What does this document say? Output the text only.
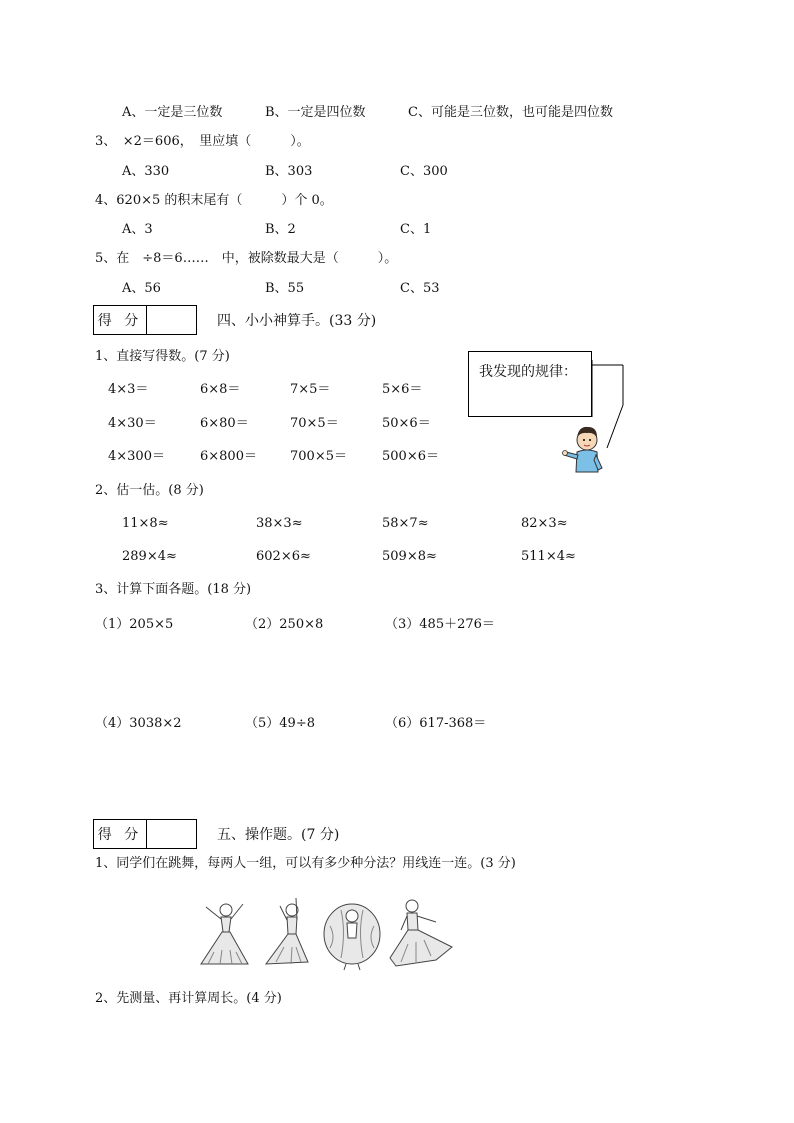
A、一定是三位数	B、一定是四位数	C、可能是三位数，也可能是四位数
3、　×2＝606，　里应填（　　　）。
A、330	B、303	C、300
4、620×5 的积末尾有（　　　）个 0。
A、3	B、2	C、1
5、在　÷8＝6……　中，被除数最大是（　　　）。
A、56	B、55	C、53
得 分	四、小小神算手。(33 分)
1、直接写得数。(7 分)
4×3＝	6×8＝	7×5＝	5×6＝
4×30＝	6×80＝	70×5＝	50×6＝
4×300＝	6×800＝	700×5＝	500×6＝
我发现的规律：
2、估一估。(8 分)
11×8≈	38×3≈	58×7≈	82×3≈
289×4≈	602×6≈	509×8≈	511×4≈
3、计算下面各题。(18 分)
（1）205×5	（2）250×8	（3）485＋276＝
（4）3038×2	（5）49÷8	（6）617-368＝
得 分	五、操作题。(7 分)
1、同学们在跳舞，每两人一组，可以有多少种分法？用线连一连。(3 分)
2、先测量、再计算周长。(4 分)
